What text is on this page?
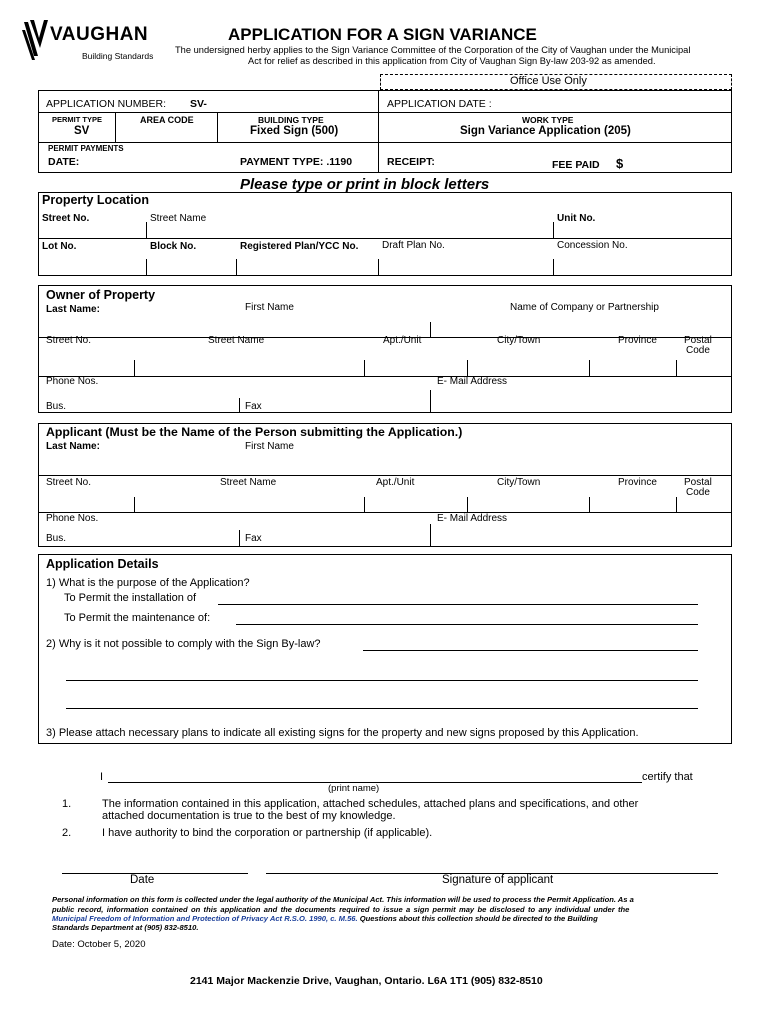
VAUGHAN
Building Standards
APPLICATION FOR A SIGN VARIANCE
The undersigned herby applies to the Sign Variance Committee of the Corporation of the City of Vaughan under the Municipal
Act for relief as described in this application from City of Vaughan Sign By-law 203-92 as amended.
Office Use Only
APPLICATION NUMBER: SV-	APPLICATION DATE :
PERMIT TYPE
SV
AREA CODE	BUILDING TYPE
Fixed Sign (500)
WORK TYPE
Sign Variance Application (205)
PERMIT PAYMENTS
DATE:	PAYMENT TYPE: .1190	RECEIPT:	FEE PAID $
Please type or print in block letters
Property Location
Street No.	Street Name	Unit No.
Lot No.	Block No.	Registered Plan/YCC No. Draft Plan No.	Concession No.
Owner of Property
Last Name:	First Name	Name of Company or Partnership
Street No.	Street Name	Apt./Unit	City/Town	Province	Postal
Code
Phone Nos.	E- Mail Address
Bus.	Fax
Applicant (Must be the Name of the Person submitting the Application.)
Last Name:	First Name
Street No.	Street Name	Apt./Unit	City/Town	Province	Postal
Code
Phone Nos.	E- Mail Address
Bus.	Fax
Application Details
1) What is the purpose of the Application?
To Permit the installation of
To Permit the maintenance of:
2) Why is it not possible to comply with the Sign By-law?
3) Please attach necessary plans to indicate all existing signs for the property and new signs proposed by this Application.
I	certify that
(print name)
1.	The information contained in this application, attached schedules, attached plans and specifications, and other
attached documentation is true to the best of my knowledge.
2.	I have authority to bind the corporation or partnership (if applicable).
Date	Signature of applicant
Personal information on this form is collected under the legal authority of the Municipal Act. This information will be used to process the Permit Application. As a
public record, information contained on this application and the documents required to issue a sign permit may be disclosed to any individual under the
Municipal Freedom of Information and Protection of Privacy Act R.S.O. 1990, c. M.56. Questions about this collection should be directed to the Building
Standards Department at (905) 832-8510.
Date: October 5, 2020
2141 Major Mackenzie Drive, Vaughan, Ontario. L6A 1T1 (905) 832-8510
